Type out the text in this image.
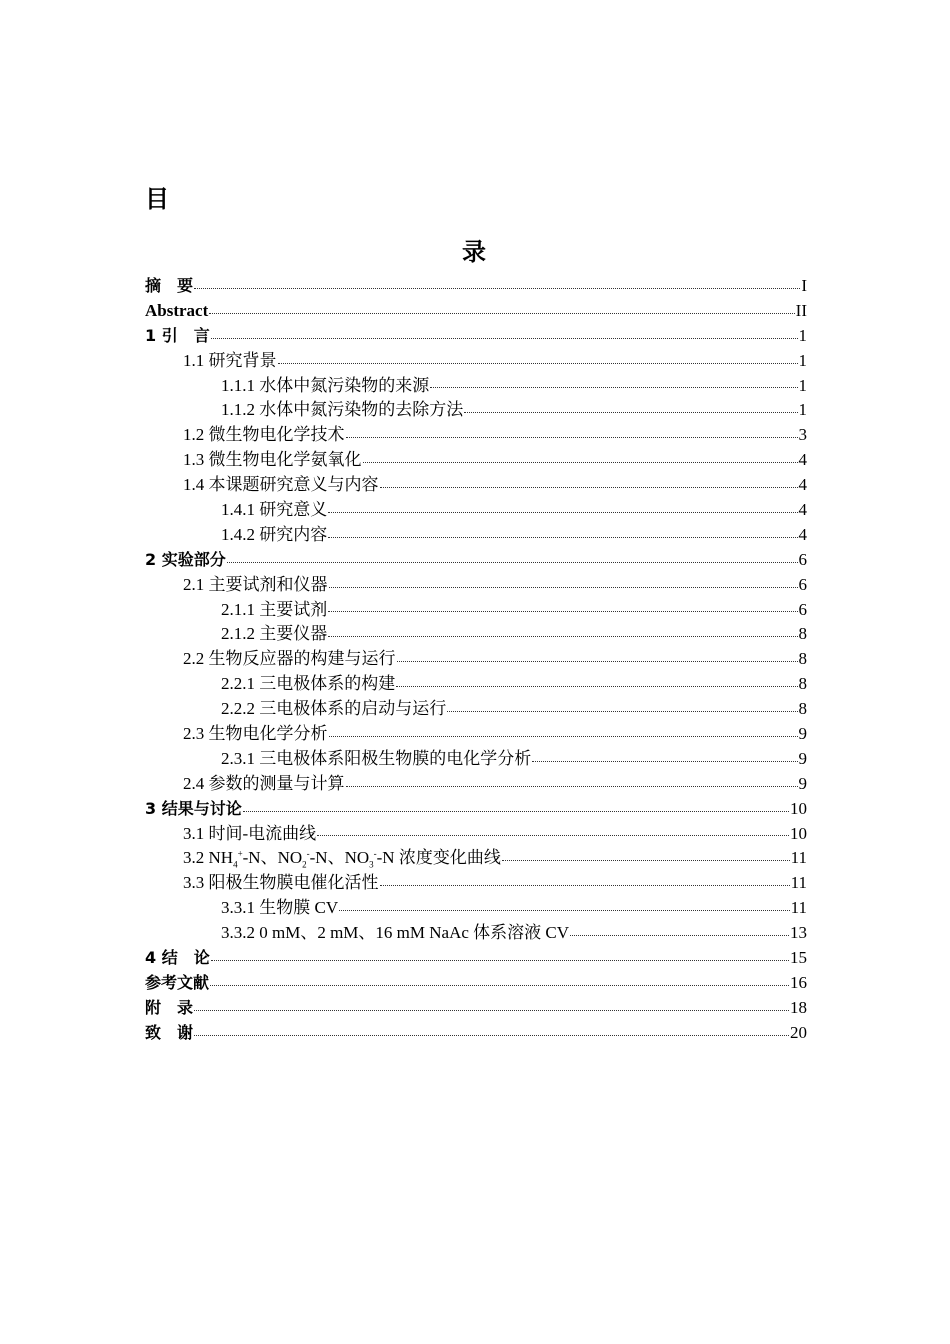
目
录
摘　要	I
Abstract	II
1 引　言	1
1.1 研究背景	1
1.1.1 水体中氮污染物的来源	1
1.1.2 水体中氮污染物的去除方法	1
1.2 微生物电化学技术	3
1.3 微生物电化学氨氧化	4
1.4 本课题研究意义与内容	4
1.4.1 研究意义	4
1.4.2 研究内容	4
2 实验部分	6
2.1 主要试剂和仪器	6
2.1.1 主要试剂	6
2.1.2 主要仪器	8
2.2 生物反应器的构建与运行	8
2.2.1 三电极体系的构建	8
2.2.2 三电极体系的启动与运行	8
2.3 生物电化学分析	9
2.3.1 三电极体系阳极生物膜的电化学分析	9
2.4 参数的测量与计算	9
3 结果与讨论	10
3.1 时间-电流曲线	10
3.2 $NH_4^+-N$、$NO_2^--N$、$NO_3^--N$ 浓度变化曲线	11
3.3 阳极生物膜电催化活性	11
3.3.1 生物膜 CV	11
3.3.2 0 mM、2 mM、16 mM NaAc 体系溶液 CV	13
4 结　论	15
参考文献	16
附　录	18
致　谢	20
